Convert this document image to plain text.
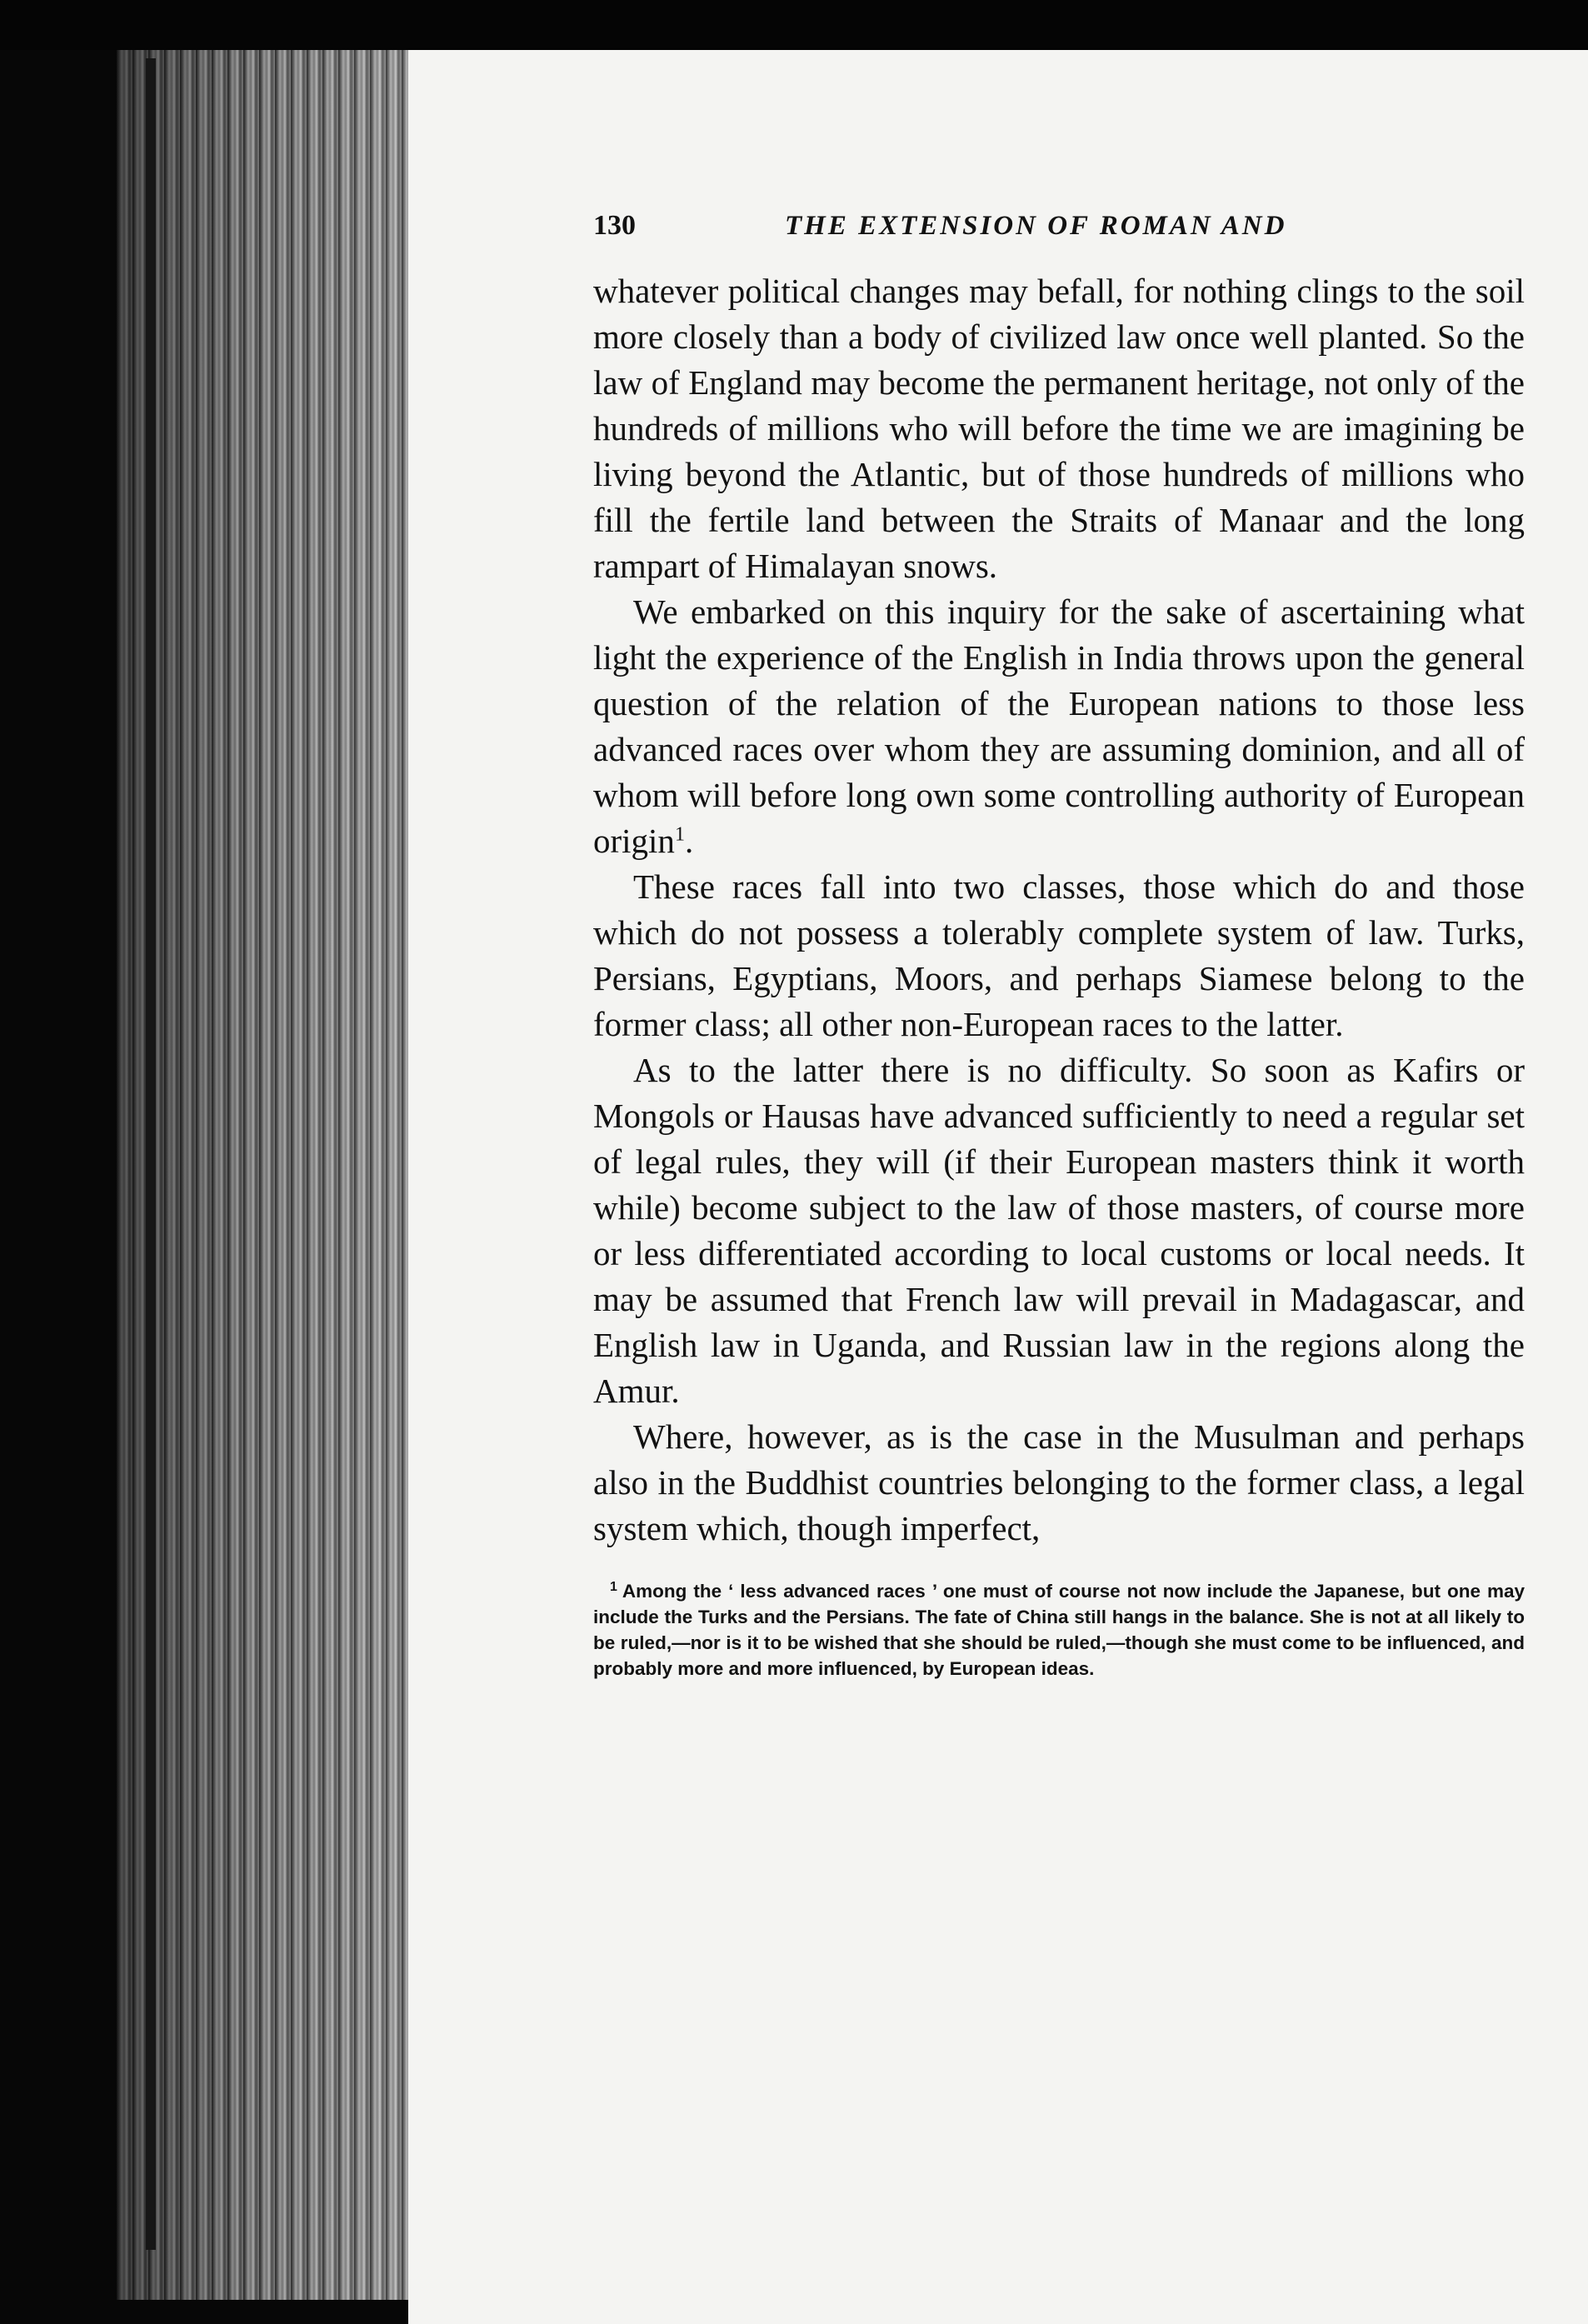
130	THE EXTENSION OF ROMAN AND

whatever political changes may befall, for nothing clings to the soil more closely than a body of civilized law once well planted. So the law of England may become the permanent heritage, not only of the hundreds of millions who will before the time we are imagining be living beyond the Atlantic, but of those hundreds of millions who fill the fertile land between the Straits of Manaar and the long rampart of Himalayan snows.

We embarked on this inquiry for the sake of ascertaining what light the experience of the English in India throws upon the general question of the relation of the European nations to those less advanced races over whom they are assuming dominion, and all of whom will before long own some controlling authority of European origin$^1$.

These races fall into two classes, those which do and those which do not possess a tolerably complete system of law. Turks, Persians, Egyptians, Moors, and perhaps Siamese belong to the former class; all other non-European races to the latter.

As to the latter there is no difficulty. So soon as Kafirs or Mongols or Hausas have advanced sufficiently to need a regular set of legal rules, they will (if their European masters think it worth while) become subject to the law of those masters, of course more or less differentiated according to local customs or local needs. It may be assumed that French law will prevail in Madagascar, and English law in Uganda, and Russian law in the regions along the Amur.

Where, however, as is the case in the Musulman and perhaps also in the Buddhist countries belonging to the former class, a legal system which, though imperfect,

$^1$ Among the ‘ less advanced races ’ one must of course not now include the Japanese, but one may include the Turks and the Persians. The fate of China still hangs in the balance. She is not at all likely to be ruled,—nor is it to be wished that she should be ruled,—though she must come to be influenced, and probably more and more influenced, by European ideas.
